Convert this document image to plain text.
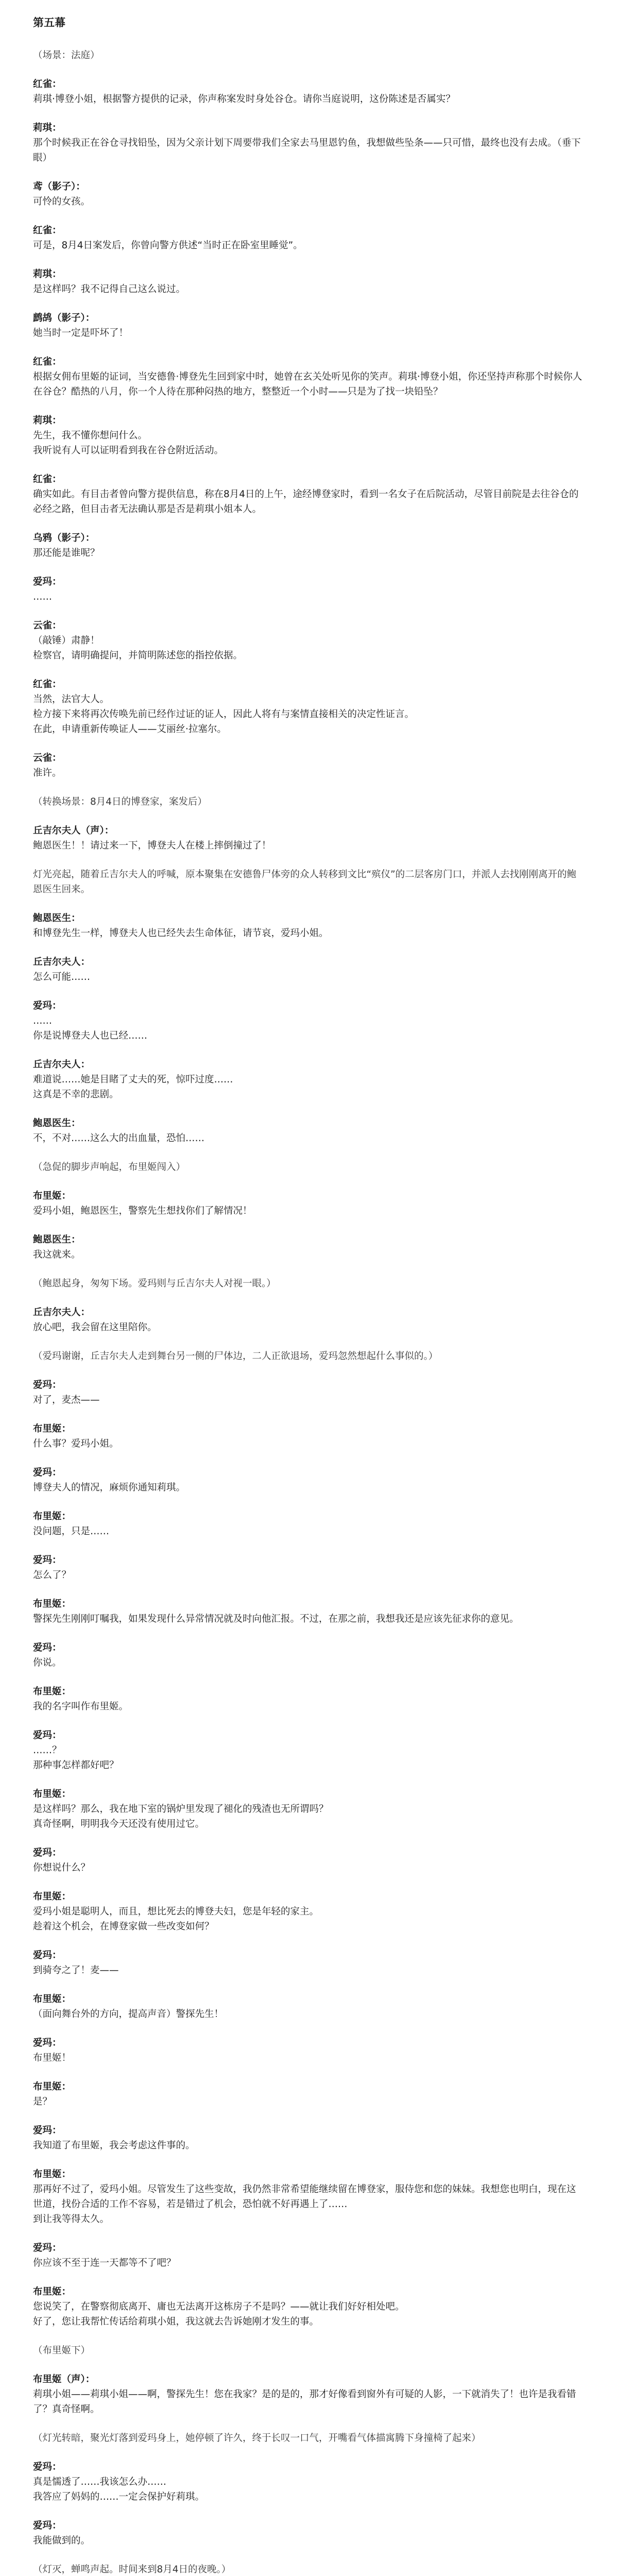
第五幕
（场景：法庭）
红雀：
莉琪·博登小姐，根据警方提供的记录，你声称案发时身处谷仓。请你当庭说明，这份陈述是否属实？
莉琪：
那个时候我正在谷仓寻找铅坠，因为父亲计划下周要带我们全家去马里恩钓鱼，我想做些坠条——只可惜，最终也没有去成。（垂下眼）
鸢（影子）：
可怜的女孩。
红雀：
可是，8月4日案发后，你曾向警方供述“当时正在卧室里睡觉”。
莉琪：
是这样吗？我不记得自己这么说过。
鹧鸪（影子）：
她当时一定是吓坏了！
红雀：
根据女佣布里姬的证词，当安德鲁·博登先生回到家中时，她曾在玄关处听见你的笑声。莉琪·博登小姐，你还坚持声称那个时候你人在谷仓？酷热的八月，你一个人待在那种闷热的地方，整整近一个小时——只是为了找一块铅坠？
莉琪：
先生，我不懂你想问什么。
我听说有人可以证明看到我在谷仓附近活动。
红雀：
确实如此。有目击者曾向警方提供信息，称在8月4日的上午，途经博登家时，看到一名女子在后院活动，尽管目前院是去往谷仓的必经之路，但目击者无法确认那是否是莉琪小姐本人。
乌鸦（影子）：
那还能是谁呢？
爱玛：
……
云雀：
（敲锤）肃静！
检察官，请明确提问，并简明陈述您的指控依据。
红雀：
当然，法官大人。
检方接下来将再次传唤先前已经作过证的证人，因此人将有与案情直接相关的决定性证言。
在此，申请重新传唤证人——艾丽丝·拉塞尔。
云雀：
准许。
（转换场景：8月4日的博登家，案发后）
丘吉尔夫人（声）：
鲍恩医生！！请过来一下，博登夫人在楼上摔倒撞过了！
灯光亮起，随着丘吉尔夫人的呼喊，原本聚集在安德鲁尸体旁的众人转移到文比“殡仪”的二层客房门口，并派人去找刚刚离开的鲍恩医生回来。
鲍恩医生：
和博登先生一样，博登夫人也已经失去生命体征，请节哀，爱玛小姐。
丘吉尔夫人：
怎么可能……
爱玛：
……
你是说博登夫人也已经……
丘吉尔夫人：
难道说……她是目睹了丈夫的死，惊吓过度……
这真是不幸的悲剧。
鲍恩医生：
不，不对……这么大的出血量，恐怕……
（急促的脚步声响起，布里姬闯入）
布里姬：
爱玛小姐，鲍恩医生，警察先生想找你们了解情况！
鲍恩医生：
我这就来。
（鲍恩起身，匆匆下场。爱玛则与丘吉尔夫人对视一眼。）
丘吉尔夫人：
放心吧，我会留在这里陪你。
（爱玛谢谢，丘吉尔夫人走到舞台另一侧的尸体边，二人正欲退场，爱玛忽然想起什么事似的。）
爱玛：
对了，麦杰——
布里姬：
什么事？爱玛小姐。
爱玛：
博登夫人的情况，麻烦你通知莉琪。
布里姬：
没问题，只是……
爱玛：
怎么了？
布里姬：
警探先生刚刚叮嘱我，如果发现什么异常情况就及时向他汇报。不过，在那之前，我想我还是应该先征求你的意见。
爱玛：
你说。
布里姬：
我的名字叫作布里姬。
爱玛：
……？
那种事怎样都好吧？
布里姬：
是这样吗？那么，我在地下室的锅炉里发现了褪化的残渣也无所谓吗？
真奇怪啊，明明我今天还没有使用过它。
爱玛：
你想说什么？
布里姬：
爱玛小姐是聪明人，而且，想比死去的博登夫妇，您是年轻的家主。
趁着这个机会，在博登家做一些改变如何？
爱玛：
到骑夸之了！麦——
布里姬：
（面向舞台外的方向，提高声音）警探先生！
爱玛：
布里姬！
布里姬：
是？
爱玛：
我知道了布里姬，我会考虑这件事的。
布里姬：
那再好不过了，爱玛小姐。尽管发生了这些变故，我仍然非常希望能继续留在博登家，服侍您和您的妹妹。我想您也明白，现在这世道，找份合适的工作不容易，若是错过了机会，恐怕就不好再遇上了……
到让我等得太久。
爱玛：
你应该不至于连一天都等不了吧？
布里姬：
您说笑了，在警察彻底离开、庸也无法离开这栋房子不是吗？——就让我们好好相处吧。
好了，您让我帮忙传话给莉琪小姐，我这就去告诉她刚才发生的事。
（布里姬下）
布里姬（声）：
莉琪小姐——莉琪小姐——啊，警探先生！您在我家？是的是的，那才好像看到窗外有可疑的人影，一下就消失了！也许是我看错了？真奇怪啊。
（灯光转暗，聚光灯落到爱玛身上，她停顿了许久，终于长叹一口气，开嘴看气体描寓腾下身撞椅了起来）
爱玛：
真是懦透了……我该怎么办……
我答应了妈妈的……一定会保护好莉琪。
爱玛：
我能做到的。
（灯灭，蝉鸣声起。时间来到8月4日的夜晚。）
